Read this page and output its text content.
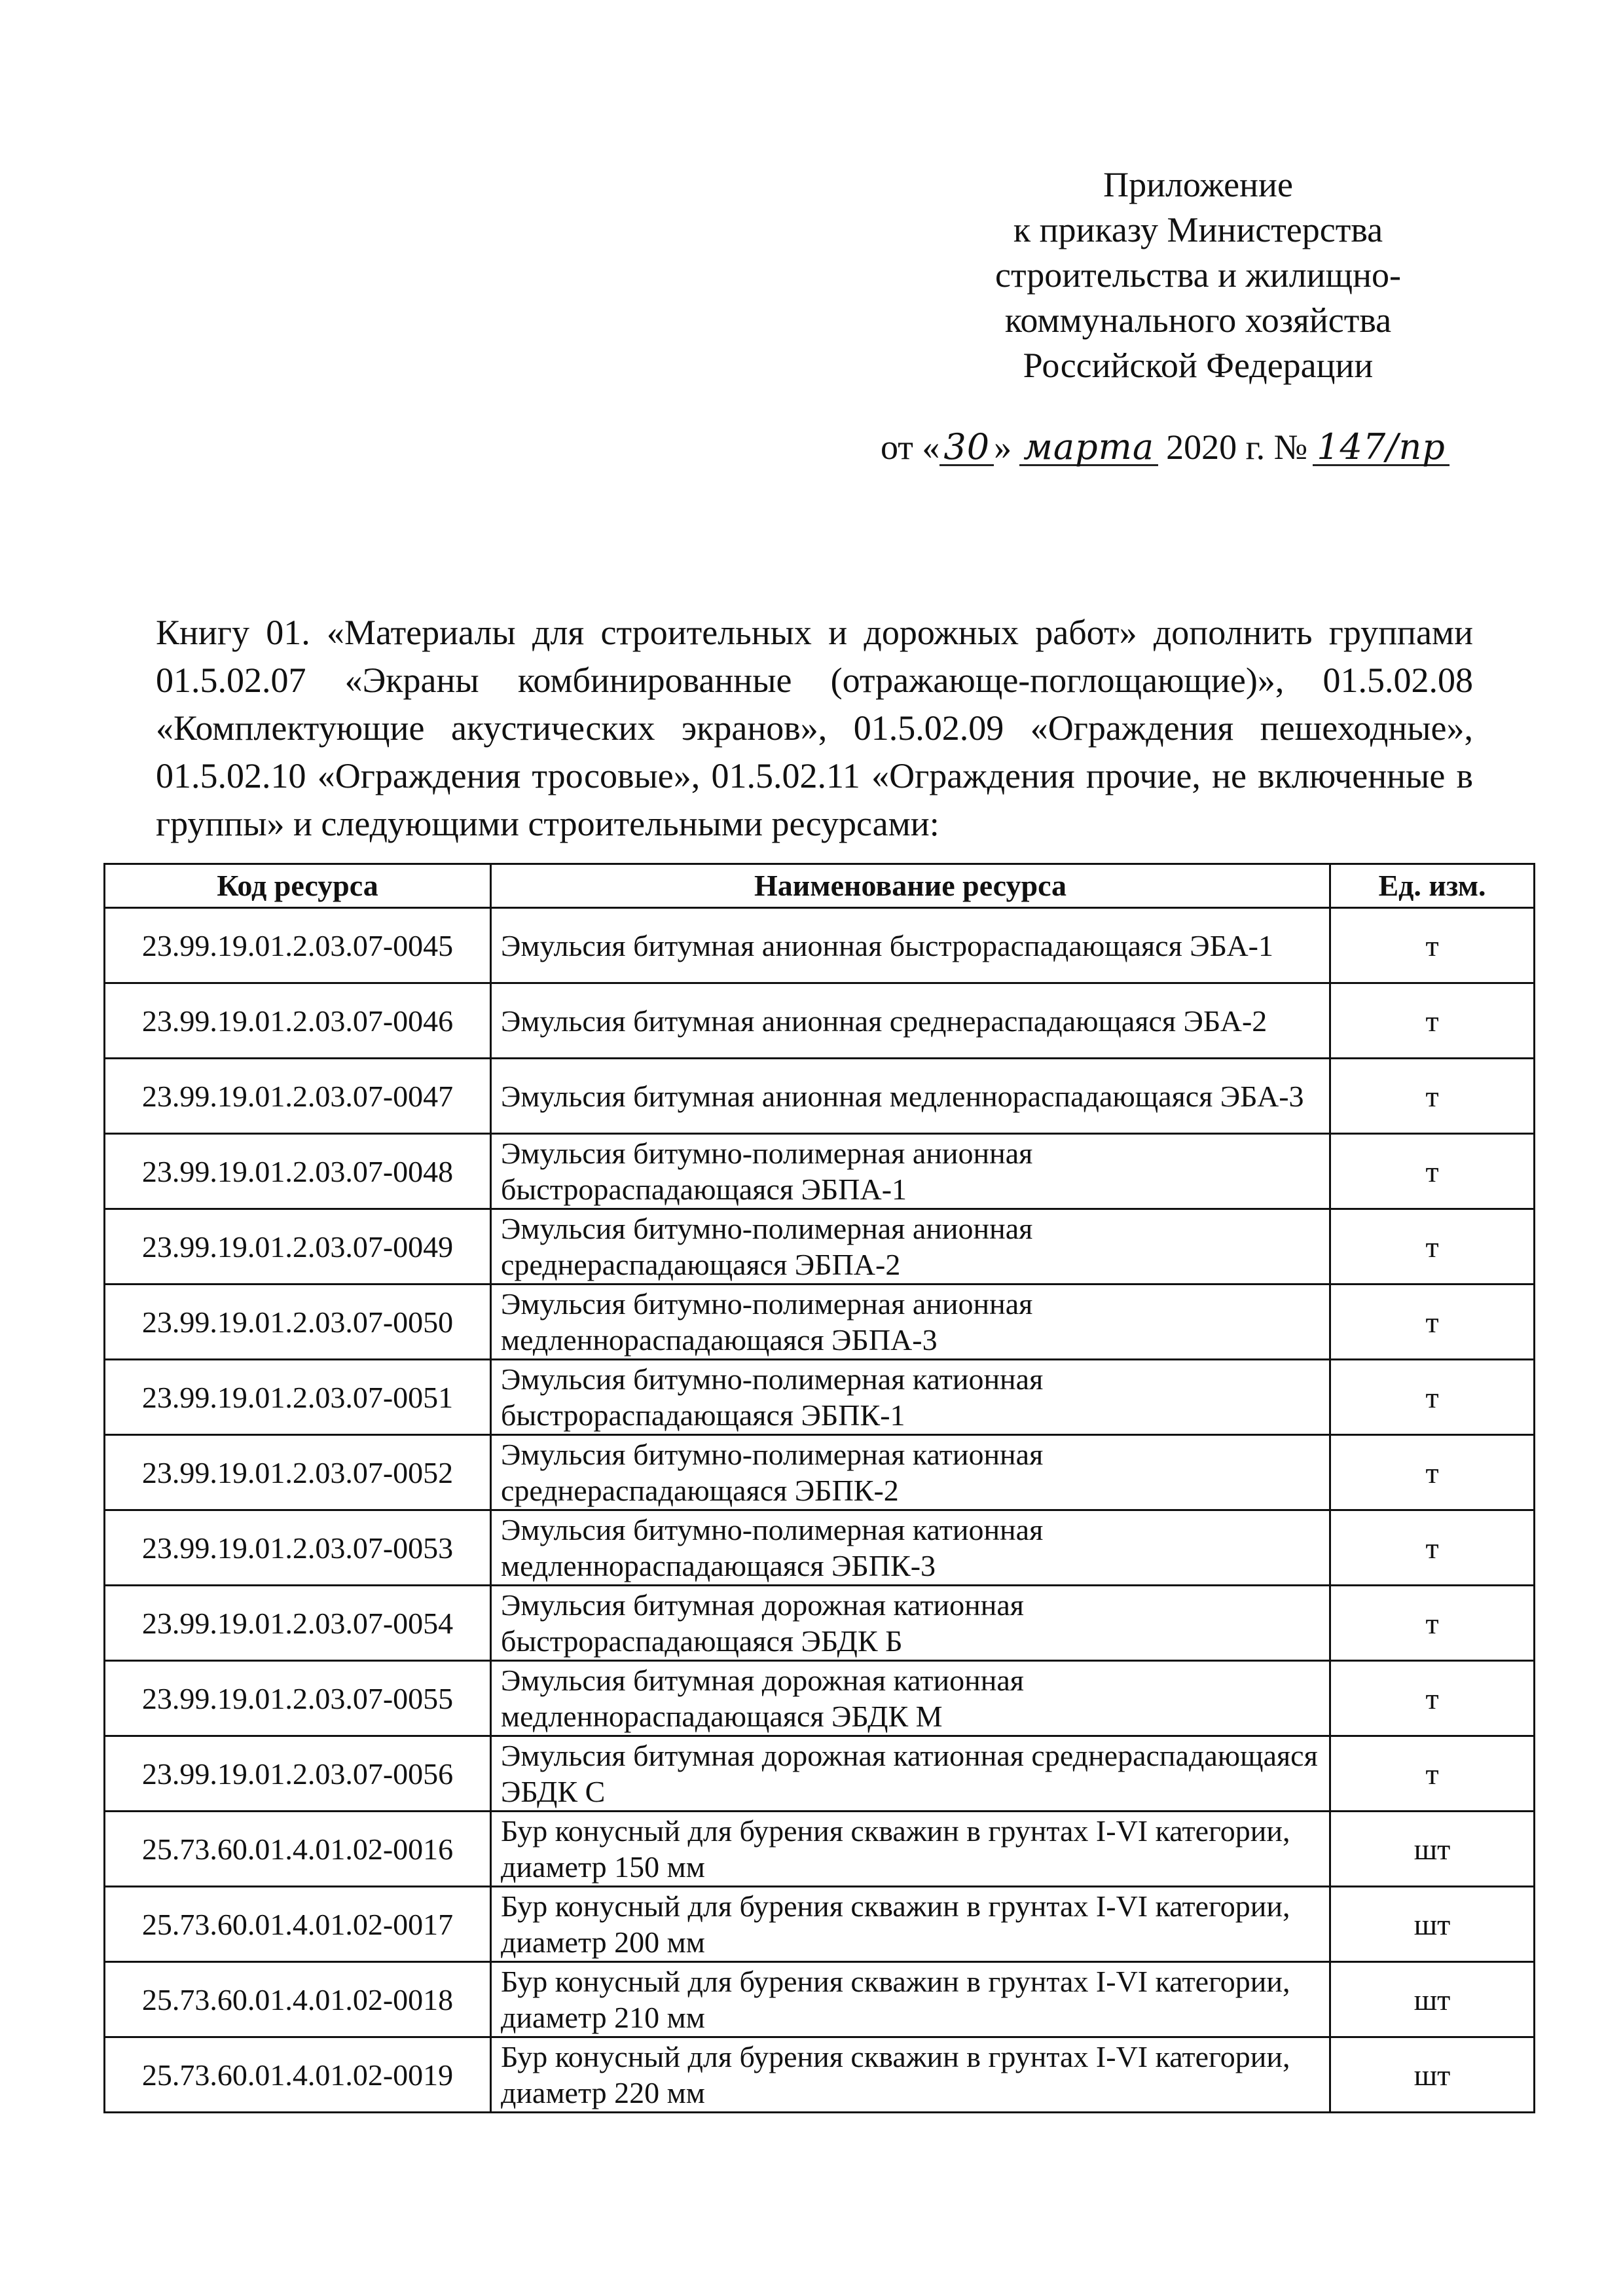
Приложение
к приказу Министерства
строительства и жилищно-
коммунального хозяйства
Российской Федерации
от « 30 » марта 2020 г. № 147/пр
Книгу 01. «Материалы для строительных и дорожных работ» дополнить группами 01.5.02.07 «Экраны комбинированные (отражающе-поглощающие)», 01.5.02.08 «Комплектующие акустических экранов», 01.5.02.09 «Ограждения пешеходные», 01.5.02.10 «Ограждения тросовые», 01.5.02.11 «Ограждения прочие, не включенные в группы» и следующими строительными ресурсами:
Код ресурса	Наименование ресурса	Ед. изм.
23.99.19.01.2.03.07-0045	Эмульсия битумная анионная быстрораспадающаяся ЭБА-1	т
23.99.19.01.2.03.07-0046	Эмульсия битумная анионная среднераспадающаяся ЭБА-2	т
23.99.19.01.2.03.07-0047	Эмульсия битумная анионная медленнораспадающаяся ЭБА-3	т
23.99.19.01.2.03.07-0048	Эмульсия битумно-полимерная анионная быстрораспадающаяся ЭБПА-1	т
23.99.19.01.2.03.07-0049	Эмульсия битумно-полимерная анионная среднераспадающаяся ЭБПА-2	т
23.99.19.01.2.03.07-0050	Эмульсия битумно-полимерная анионная медленнораспадающаяся ЭБПА-3	т
23.99.19.01.2.03.07-0051	Эмульсия битумно-полимерная катионная быстрораспадающаяся ЭБПК-1	т
23.99.19.01.2.03.07-0052	Эмульсия битумно-полимерная катионная среднераспадающаяся ЭБПК-2	т
23.99.19.01.2.03.07-0053	Эмульсия битумно-полимерная катионная медленнораспадающаяся ЭБПК-3	т
23.99.19.01.2.03.07-0054	Эмульсия битумная дорожная катионная быстрораспадающаяся ЭБДК Б	т
23.99.19.01.2.03.07-0055	Эмульсия битумная дорожная катионная медленнораспадающаяся ЭБДК М	т
23.99.19.01.2.03.07-0056	Эмульсия битумная дорожная катионная среднераспадающаяся ЭБДК С	т
25.73.60.01.4.01.02-0016	Бур конусный для бурения скважин в грунтах I-VI категории, диаметр 150 мм	шт
25.73.60.01.4.01.02-0017	Бур конусный для бурения скважин в грунтах I-VI категории, диаметр 200 мм	шт
25.73.60.01.4.01.02-0018	Бур конусный для бурения скважин в грунтах I-VI категории, диаметр 210 мм	шт
25.73.60.01.4.01.02-0019	Бур конусный для бурения скважин в грунтах I-VI категории, диаметр 220 мм	шт
